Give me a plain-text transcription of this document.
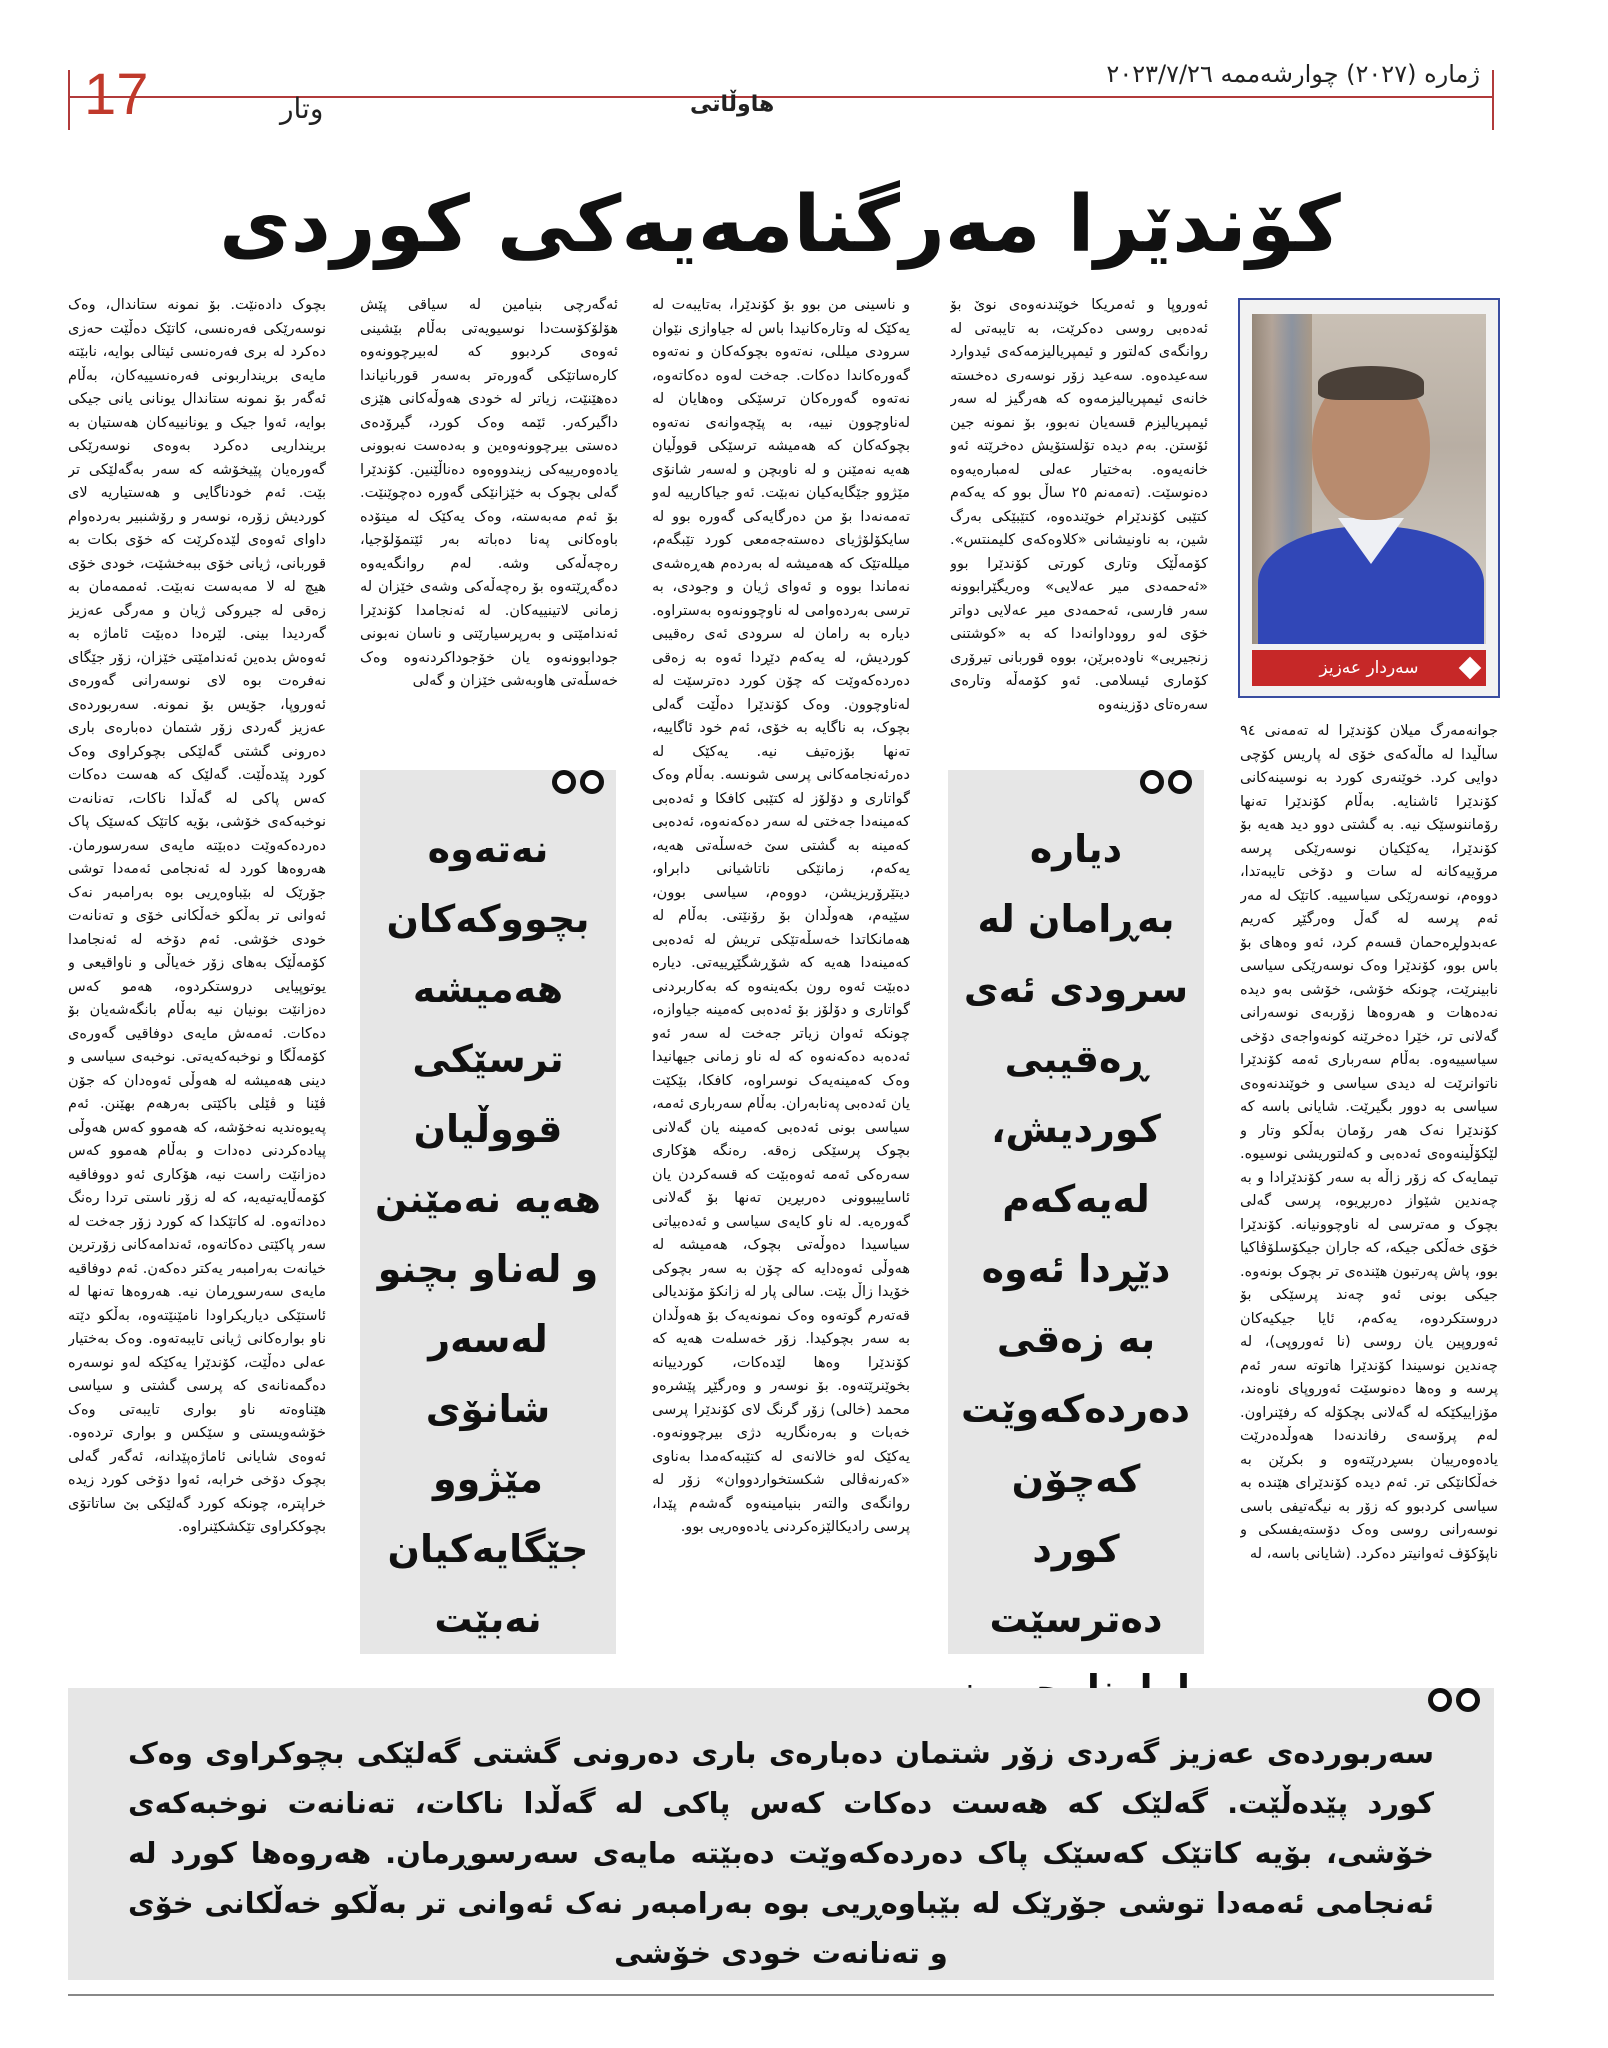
17	وتار	هاوڵاتی
ژماره (٢٠٢٧) چوارشەممە ٢٠٢٣/٧/٢٦
کۆندێرا مەرگنامەیەکی کوردی
سەردار عەزیز
جوانەمەرگ میلان کۆندێرا لە تەمەنی ٩٤ ساڵیدا لە ماڵەکەی خۆی لە پاریس کۆچی دوایی کرد. خوێنەری کورد بە نوسینەکانی کۆندێرا ئاشنایە. بەڵام کۆندێرا تەنها رۆماننوسێک نیە. بە گشتی دوو دید هەیە بۆ کۆندێرا، یەکێکیان نوسەرێکی پرسە مرۆییەکانە لە سات و دۆخی تایبەتدا، دووەم، نوسەرێکی سیاسییە. کاتێک لە مەر ئەم پرسە لە گەڵ وەرگێڕ کەریم عەبدولڕەحمان قسەم کرد، ئەو وەهای بۆ باس بوو، کۆندێرا وەک نوسەرێکی سیاسی نابینرێت، چونکە خۆشی، خۆشی بەو دیدە نەدەهات و هەروەها زۆربەی نوسەرانی گەلانی تر، خێرا دەخرێنە کونەواجەی دۆخی سیاسییەوە. بەڵام سەرباری ئەمە کۆندێرا ناتوانرێت لە دیدی سیاسی و خوێندنەوەی سیاسی بە دوور بگیرێت. شایانی باسە کە کۆندێرا نەک هەر رۆمان بەڵکو وتار و لێکۆڵینەوەی ئەدەبی و کەلتوریشی نوسیوە. تیمایەک کە زۆر زاڵە بە سەر کۆندێرادا و بە چەندین شێواز دەربڕیوە، پرسی گەلی بچوک و مەترسی لە ناوچوونیانە. کۆندێرا خۆی خەڵکی جیکە، کە جاران جیکۆسلۆڤاکیا بوو، پاش پەرتبون هێندەی تر بچوک بونەوە. جیکی بونی ئەو چەند پرسێکی بۆ دروستکردوە، یەکەم، ئایا جیکیەکان ئەوروپین یان روسی (نا ئەوروپی)، لە چەندین نوسیندا کۆندێرا هاتوتە سەر ئەم پرسە و وەها دەنوسێت ئەوروپای ناوەند، مۆزاییکێکە لە گەلانی بچکۆلە کە رفێنراون. لەم پرۆسەی رفاندنەدا هەوڵدەدرێت یادەوەرییان بسڕدرێتەوە و بکرێن بە خەڵکانێکی تر. ئەم دیدە کۆندێرای هێندە بە سیاسی کردبوو کە زۆر بە نیگەتیفی باسی نوسەرانی روسی وەک دۆستەیفسکی و ناپۆکۆف ئەوانیتر دەکرد. (شایانی باسە، لە
ئەوروپا و ئەمریکا خوێندنەوەی نوێ بۆ ئەدەبی روسی دەکرێت، بە تایبەتی لە روانگەی کەلتور و ئیمپریالیزمەکەی ئیدوارد سەعیدەوە. سەعید زۆر نوسەری دەخستە خانەی ئیمپریالیزمەوە کە هەرگیز لە سەر ئیمپریالیزم قسەیان نەبوو، بۆ نمونە جین ئۆستن. بەم دیدە تۆلستۆیش دەخرێتە ئەو خانەیەوە. بەختیار عەلی لەمبارەیەوە دەنوسێت. (تەمەنم ٢٥ ساڵ بوو کە یەکەم کتێبی کۆندێرام خوێندەوە، کتێبێکی بەرگ شین، بە ناونیشانی «کلاوەکەی کلیمنتس». کۆمەڵێک وتاری کورتی کۆندێرا بوو «ئەحمەدی میر عەلایی» وەریگێرابوونە سەر فارسی، ئەحمەدی میر عەلایی دواتر خۆی لەو رووداوانەدا کە بە «کوشتنی زنجیریی» ناودەبرێن، بووە قوربانی تیرۆری کۆماری ئیسلامی. ئەو کۆمەڵە وتارەی سەرەتای دۆزینەوە
و ناسینی من بوو بۆ کۆندێرا، بەتایبەت لە یەکێک لە وتارەکانیدا باس لە جیاوازی نێوان سرودی میللی، نەتەوە بچوکەکان و نەتەوە گەورەکاندا دەکات. جەخت لەوە دەکاتەوە، نەتەوە گەورەکان ترسێکی وەهایان لە لەناوچوون نییە، بە پێچەوانەی نەتەوە بچوکەکان کە هەمیشە ترسێکی قووڵیان هەیە نەمێنن و لە ناوبچن و لەسەر شانۆی مێژوو جێگایەکیان نەبێت. ئەو جیاکارییە لەو تەمەنەدا بۆ من دەرگایەکی گەورە بوو لە سایکۆلۆژیای دەستەجەمعی کورد تێبگەم، میللەتێک کە هەمیشە لە بەردەم هەڕەشەی نەماندا بووە و ئەوای ژیان و وجودی، بە ترسی بەردەوامی لە ناوچوونەوە بەستراوە. دیارە بە رامان لە سرودی ئەی رەقیبی کوردیش، لە یەکەم دێڕدا ئەوە بە زەقی دەردەکەوێت کە چۆن کورد دەترسێت لە لەناوچوون. وەک کۆندێرا دەڵێت گەلی بچوک، بە ناگایە بە خۆی، ئەم خود ئاگاییە، تەنها بۆزەتیف نیە. یەکێک لە دەرئەنجامەکانی پرسی شونسە. بەڵام وەک گواتاری و دۆلۆز لە کتێبی کافکا و ئەدەبی کەمینەدا جەختی لە سەر دەکەنەوە، ئەدەبی کەمینە بە گشتی سێ خەسڵەتی هەیە، یەکەم، زمانێکی ناتاشیانی دابراو، دیتێرۆریزیشن، دووەم، سیاسی بوون، سێیەم، هەوڵدان بۆ رۆنێتی. بەڵام لە هەمانکاتدا خەسڵەتێکی تریش لە ئەدەبی کەمینەدا هەیە کە شۆڕشگێڕییەتی. دیارە دەبێت ئەوە رون بکەینەوە کە بەکاربردنی گواتاری و دۆلۆز بۆ ئەدەبی کەمینە جیاوازە، چونکە ئەوان زیاتر جەخت لە سەر ئەو ئەدەبە دەکەنەوە کە لە ناو زمانی جیهانیدا وەک کەمینەیەک نوسراوە، کافکا، بێکێت یان ئەدەبی پەنابەران. بەڵام سەرباری ئەمە، سیاسی بونی ئەدەبی کەمینە یان گەلانی بچوک پرسێکی زەقە. رەنگە هۆکاری سەرەکی ئەمە ئەوەبێت کە قسەکردن یان ئاساییبوونی دەربڕین تەنها بۆ گەلانی گەورەیە. لە ناو کایەی سیاسی و ئەدەبیاتی سیاسیدا دەوڵەتی بچوک، هەمیشە لە هەوڵی ئەوەدایە کە چۆن بە سەر بچوکی خۆیدا زاڵ بێت. سالی پار لە زانکۆ مۆندیالی قەتەرم گوتەوە وەک نمونەیەک بۆ هەوڵدان بە سەر بچوکیدا. زۆر خەسلەت هەیە کە کۆندێرا وەها لێدەکات، کوردییانە بخوێنرێتەوە. بۆ نوسەر و وەرگێڕ پێشرەو محمد (خالی) زۆر گرنگ لای کۆندێرا پرسی خەبات و بەرەنگاریە دژی بیرچوونەوە. یەکێک لەو خالانەی لە کتێبەکەمدا بەناوی «کەرنەڤالی شکستخواردووان» زۆر لە روانگەی والتەر بنیامینەوە گەشەم پێدا، پرسی رادیکالێزەکردنی یادەوەریی بوو.
ئەگەرچی بنیامین لە سیاقی پێش هۆلۆکۆست‌دا نوسیویەتی بەڵام بێشینی ئەوەی کردبوو کە لەبیرچوونەوە کارەساتێکی گەورەتر بەسەر قوربانیاندا دەهێنێت، زیاتر لە خودی هەوڵەکانی هێزی داگیرکەر. ئێمە وەک کورد، گیرۆدەی دەستی بیرچوونەوەین و بەدەست نەبوونی یادەوەرییەکی زیندووەوە دەناڵێنین. کۆندێرا گەلی بچوک بە خێزانێکی گەورە دەچوێنێت. بۆ ئەم مەبەستە، وەک یەکێک لە میتۆدە باوەکانی پەنا دەباتە بەر ئێتمۆلۆجیا، رەچەڵەکی وشە. لەم روانگەیەوە دەگەڕێتەوە بۆ رەچەڵەکی وشەی خێزان لە زمانی لاتینییەکان. لە ئەنجامدا کۆندێرا ئەندامێتی و بەرپرسیارێتی و ناسان نەبونی جودابوونەوە یان خۆ‌جوداکردنەوە وەک خەسڵەتی هاوبەشی خێزان و گەلی
بچوک دادەنێت. بۆ نمونە ستاندال، وەک نوسەرێکی فەرەنسی، کاتێک دەڵێت حەزی دەکرد لە بری فەرەنسی ئیتالی بوایە، نابێتە مایەی برینداربونی فەرەنسییەکان، بەڵام ئەگەر بۆ نمونە ستاندال یونانی یانی جیکی بوایە، ئەوا جیک و یونانییەکان هەستیان بە برینداریی دەکرد بەوەی نوسەرێکی گەورەیان پێیخۆشە کە سەر بەگەلێکی تر بێت. ئەم خودناگایی و هەستیاریە لای کوردیش زۆرە، نوسەر و رۆشنبیر بەردەوام داوای ئەوەی لێدەکرێت کە خۆی بکات بە قوربانی، ژیانی خۆی ببەخشێت، خودی خۆی هیچ لە لا مەبەست نەبێت. ئەممەمان بە زەقی لە جیروکی ژیان و مەرگی عەزیز گەردیدا بینی. لێرەدا دەبێت ئاماژە بە ئەوەش بدەین ئەندامێتی خێزان، زۆر جێگای نەفرەت بوە لای نوسەرانی گەورەی ئەوروپا، جۆیس بۆ نمونە. سەربوردەی عەزیز گەردی زۆر شتمان دەبارەی باری دەرونی گشتی گەلێکی بچوکراوی وەک کورد پێدەڵێت. گەلێک کە هەست دەکات کەس پاکی لە گەڵدا ناکات، تەنانەت نوخبەکەی خۆشی، بۆیە کاتێک کەسێک پاک دەردەکەوێت دەبێتە مایەی سەرسورمان. هەروەها کورد لە ئەنجامی ئەمەدا توشی جۆرێک لە بێباوەڕیی بوە بەرامبەر نەک ئەوانی تر بەڵکو خەڵکانی خۆی و تەنانەت خودی خۆشی. ئەم دۆخە لە ئەنجامدا کۆمەڵێک بەهای زۆر خەیاڵی و ناواقیعی و یوتوپیایی دروستکردوە، هەمو کەس دەزانێت بونیان نیە بەڵام بانگەشەیان بۆ دەکات. ئەمەش مایەی دوفاقیی گەورەی کۆمەڵگا و نوخبەکەیەتی. نوخبەی سیاسی و دینی هەمیشە لە هەوڵی ئەوەدان کە جۆن ڤێنا و ڤێلی باکێتی بەرهەم بهێنن. ئەم پەیوەندیە نەخۆشە، کە هەموو کەس هەوڵی پیادەکردنی دەدات و بەڵام هەموو کەس دەزانێت راست نیە، هۆکاری ئەو دووفاقیە کۆمەڵایەتیەیە، کە لە زۆر ناستی تردا رەنگ دەداتەوە. لە کاتێکدا کە کورد زۆر جەخت لە سەر پاکێتی دەکاتەوە، ئەندامەکانی زۆرترین خیانەت بەرامبەر یەکتر دەکەن. ئەم دوفاقیە مایەی سەرسوڕمان نیە. هەروەها تەنها لە ئاستێکی دیاریکراودا نامێنێتەوە، بەڵکو دێتە ناو بوارەکانی ژیانی تایبەتەوە. وەک بەختیار عەلی دەڵێت، کۆندێرا یەکێکە لەو نوسەرە دەگمەنانەی کە پرسی گشتی و سیاسی هێناوەتە ناو بواری تایبەتی وەک خۆشەویستی و سێکس و بواری تردەوە. ئەوەی شایانی ئاماژەپێدانە، ئەگەر گەلی بچوک دۆخی خرابە، ئەوا دۆخی کورد زیدە خراپترە، چونکە کورد گەلێکی بێ ساتاتۆی بچوککراوی تێکشکێنراوە.
دیارە بەڕامان لە سرودی ئەی ڕەقیبی کوردیش، لەیەکەم دێڕدا ئەوە بە زەقی دەردەکەوێت کەچۆن کورد دەترسێت
نەتەوە بچووکەکان هەمیشە ترسێکی قووڵیان هەیە نەمێنن و لەناو بچنو لەسەر شانۆی مێژوو جێگایەکیان نەبێت
سەربوردەی عەزیز گەردی زۆر شتمان دەبارەی باری دەرونی گشتی گەلێکی بچوکراوی وەک کورد پێدەڵێت. گەلێک کە هەست دەکات کەس پاکی لە گەڵدا ناکات، تەنانەت نوخبەکەی خۆشی، بۆیە کاتێک کەسێک پاک دەردەکەوێت دەبێتە مایەی سەرسوڕمان. هەروەها کورد لە ئەنجامی ئەمەدا توشی جۆرێک لە بێباوەڕیی بوە بەرامبەر نەک ئەوانی تر بەڵکو خەڵکانی خۆی و تەنانەت خودی خۆشی
